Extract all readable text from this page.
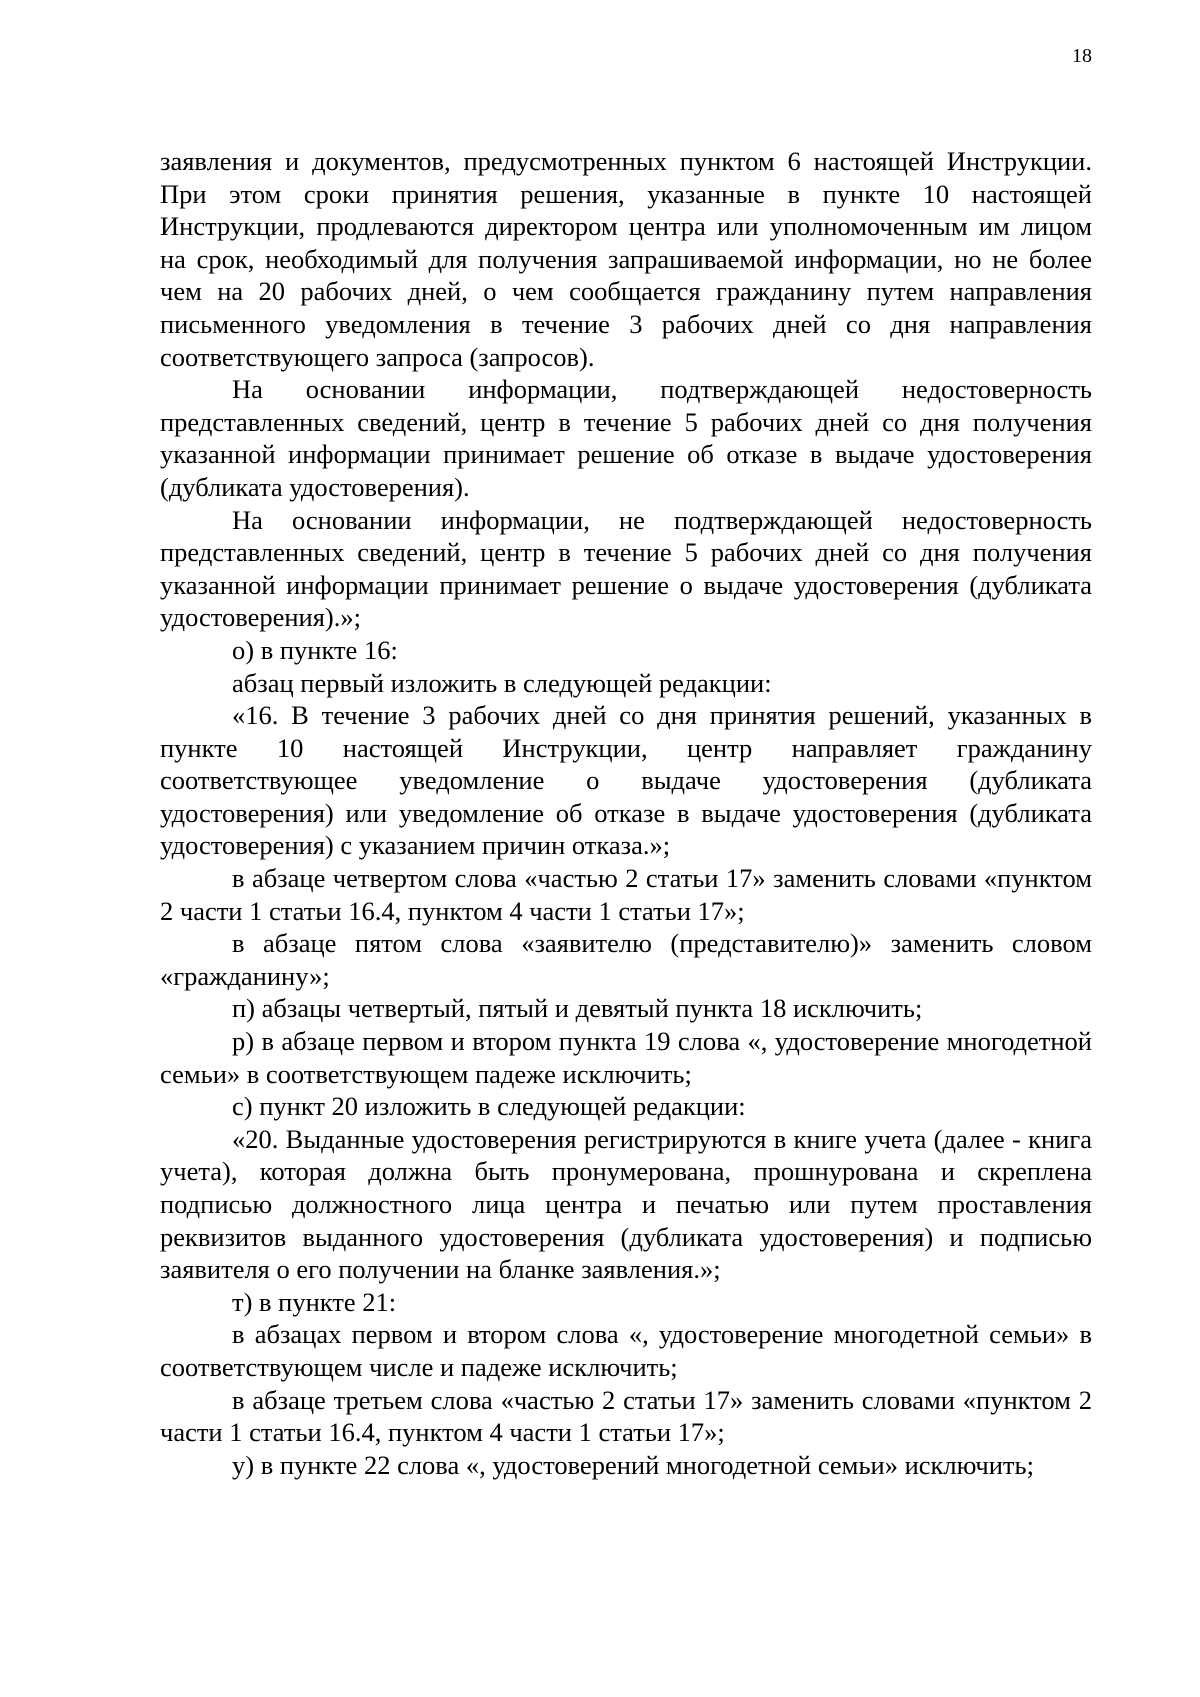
18

заявления и документов, предусмотренных пунктом 6 настоящей Инструкции. При этом сроки принятия решения, указанные в пункте 10 настоящей Инструкции, продлеваются директором центра или уполномоченным им лицом на срок, необходимый для получения запрашиваемой информации, но не более чем на 20 рабочих дней, о чем сообщается гражданину путем направления письменного уведомления в течение 3 рабочих дней со дня направления соответствующего запроса (запросов).

На основании информации, подтверждающей недостоверность представленных сведений, центр в течение 5 рабочих дней со дня получения указанной информации принимает решение об отказе в выдаче удостоверения (дубликата удостоверения).

На основании информации, не подтверждающей недостоверность представленных сведений, центр в течение 5 рабочих дней со дня получения указанной информации принимает решение о выдаче удостоверения (дубликата удостоверения).»;

о) в пункте 16:

абзац первый изложить в следующей редакции:

«16. В течение 3 рабочих дней со дня принятия решений, указанных в пункте 10 настоящей Инструкции, центр направляет гражданину соответствующее уведомление о выдаче удостоверения (дубликата удостоверения) или уведомление об отказе в выдаче удостоверения (дубликата удостоверения) с указанием причин отказа.»;

в абзаце четвертом слова «частью 2 статьи 17» заменить словами «пунктом 2 части 1 статьи 16.4, пунктом 4 части 1 статьи 17»;

в абзаце пятом слова «заявителю (представителю)» заменить словом «гражданину»;

п) абзацы четвертый, пятый и девятый пункта 18 исключить;

р) в абзаце первом и втором пункта 19 слова «, удостоверение многодетной семьи» в соответствующем падеже исключить;

с) пункт 20 изложить в следующей редакции:

«20. Выданные удостоверения регистрируются в книге учета (далее - книга учета), которая должна быть пронумерована, прошнурована и скреплена подписью должностного лица центра и печатью или путем проставления реквизитов выданного удостоверения (дубликата удостоверения) и подписью заявителя о его получении на бланке заявления.»;

т) в пункте 21:

в абзацах первом и втором слова «, удостоверение многодетной семьи» в соответствующем числе и падеже исключить;

в абзаце третьем слова «частью 2 статьи 17» заменить словами «пунктом 2 части 1 статьи 16.4, пунктом 4 части 1 статьи 17»;

у) в пункте 22 слова «, удостоверений многодетной семьи» исключить;
